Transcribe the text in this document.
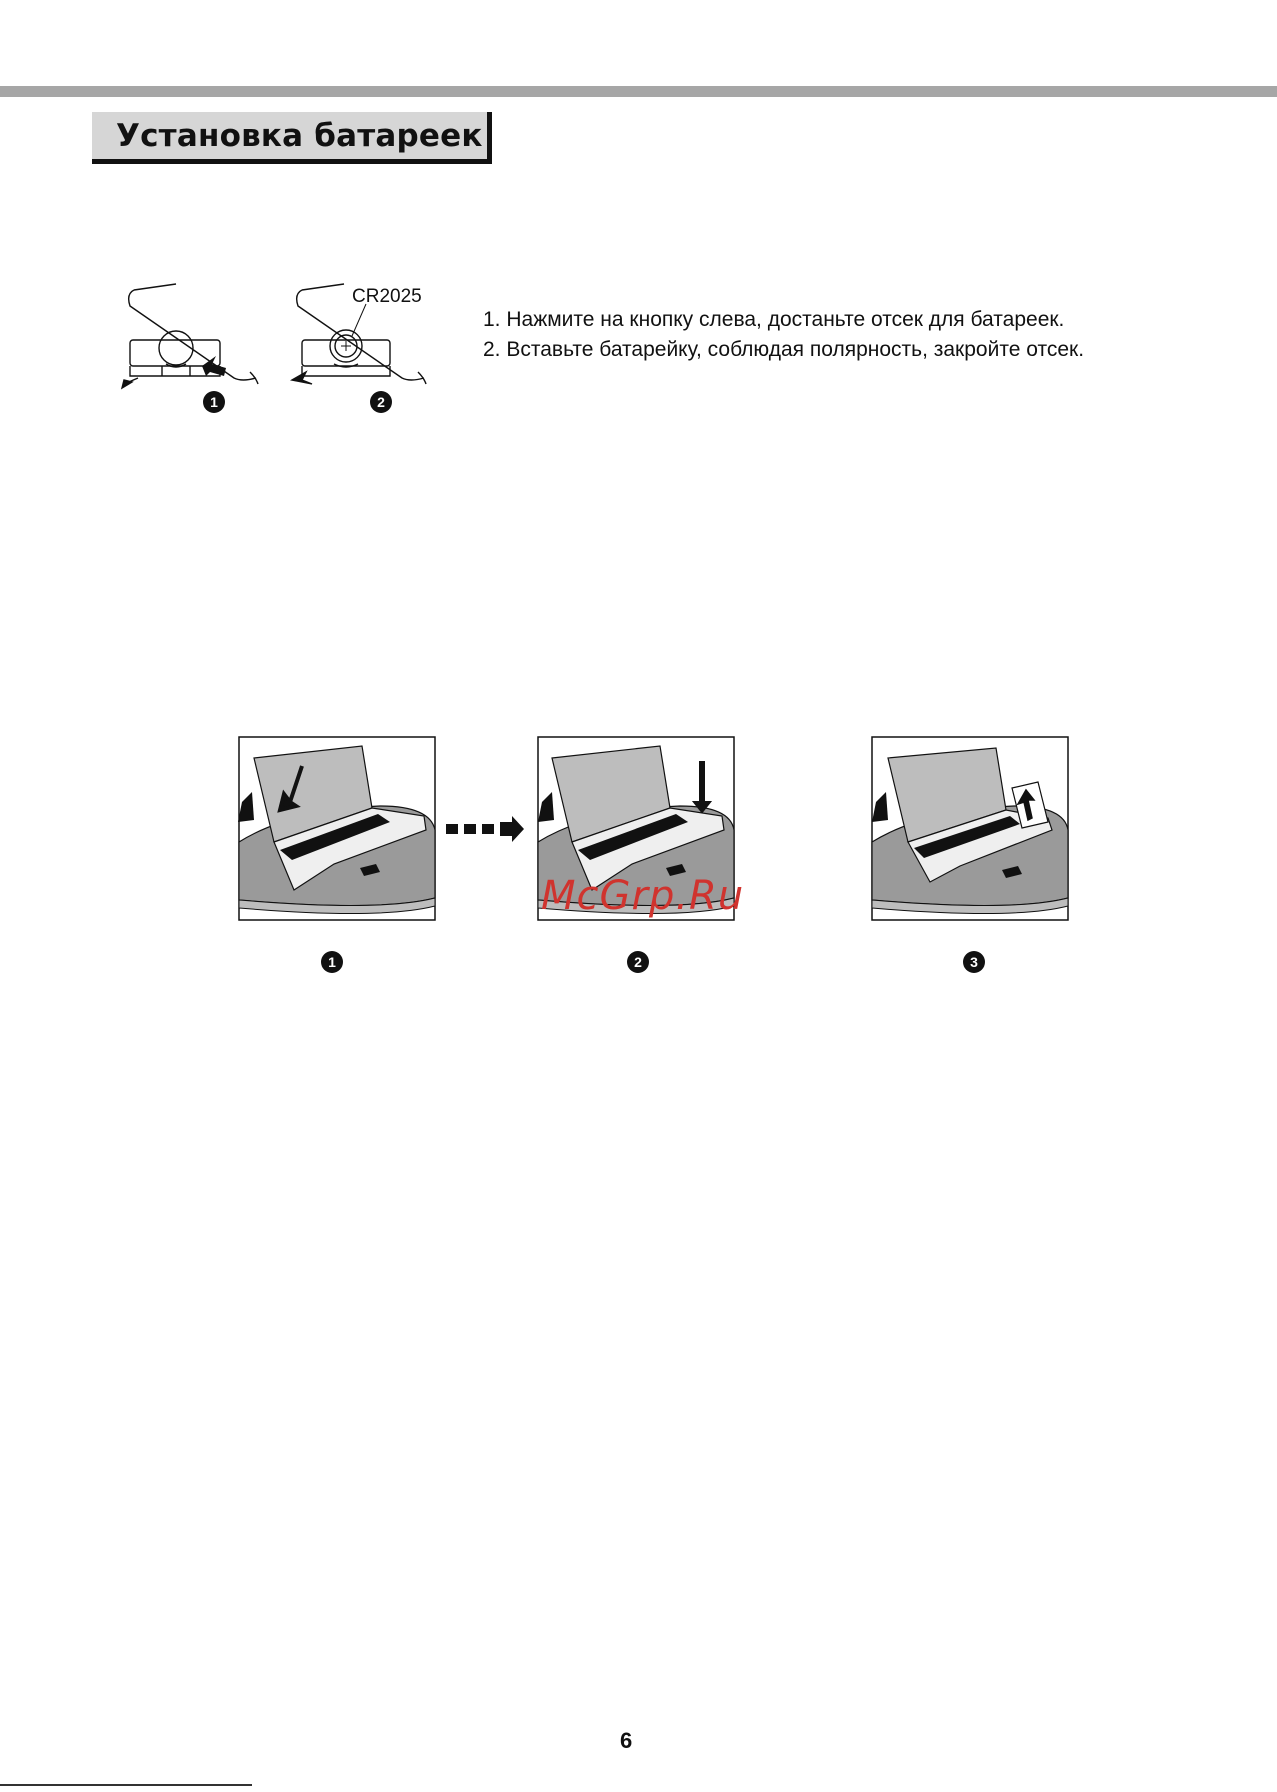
Установка батареек
1
CR2025
2
1. Нажмите на кнопку слева, достаньте отсек для батареек.
2. Вставьте батарейку, соблюдая полярность, закройте отсек.
1	2	3
McGrp.Ru
6
